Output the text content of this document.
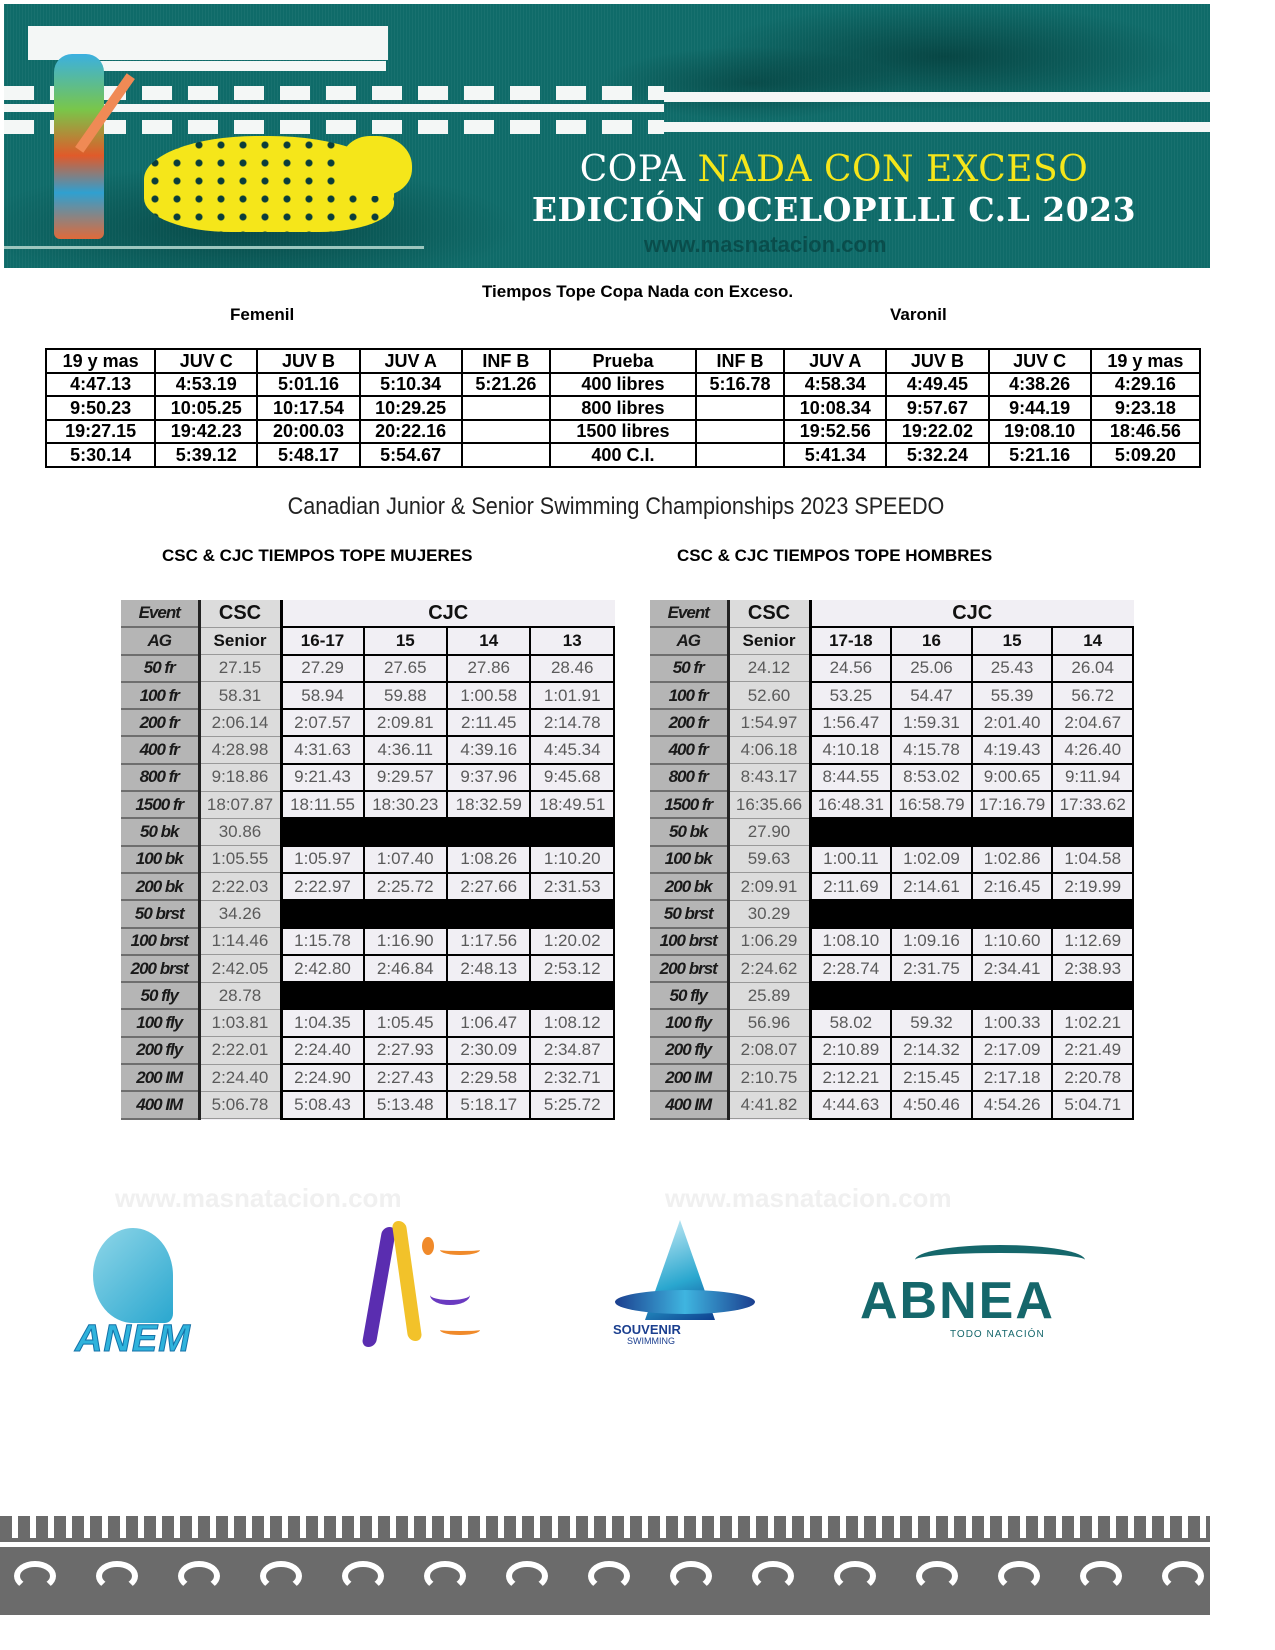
COPA NADA CON EXCESO
EDICIÓN OCELOPILLI C.L 2023
www.masnatacion.com
Tiempos Tope Copa Nada con Exceso.
Femenil	Varonil
19 y mas	JUV C	JUV B	JUV A	INF B	Prueba	INF B	JUV A	JUV B	JUV C	19 y mas
4:47.13	4:53.19	5:01.16	5:10.34	5:21.26	400 libres	5:16.78	4:58.34	4:49.45	4:38.26	4:29.16
9:50.23	10:05.25	10:17.54	10:29.25		800 libres		10:08.34	9:57.67	9:44.19	9:23.18
19:27.15	19:42.23	20:00.03	20:22.16		1500 libres		19:52.56	19:22.02	19:08.10	18:46.56
5:30.14	5:39.12	5:48.17	5:54.67		400 C.I.		5:41.34	5:32.24	5:21.16	5:09.20
Canadian Junior & Senior Swimming Championships 2023 SPEEDO
CSC & CJC TIEMPOS TOPE MUJERES	CSC & CJC TIEMPOS TOPE HOMBRES
Event	CSC	CJC			
AG	Senior	16-17	15	14	13
50 fr	27.15	27.29	27.65	27.86	28.46
100 fr	58.31	58.94	59.88	1:00.58	1:01.91
200 fr	2:06.14	2:07.57	2:09.81	2:11.45	2:14.78
400 fr	4:28.98	4:31.63	4:36.11	4:39.16	4:45.34
800 fr	9:18.86	9:21.43	9:29.57	9:37.96	9:45.68
1500 fr	18:07.87	18:11.55	18:30.23	18:32.59	18:49.51
50 bk	30.86				
100 bk	1:05.55	1:05.97	1:07.40	1:08.26	1:10.20
200 bk	2:22.03	2:22.97	2:25.72	2:27.66	2:31.53
50 brst	34.26				
100 brst	1:14.46	1:15.78	1:16.90	1:17.56	1:20.02
200 brst	2:42.05	2:42.80	2:46.84	2:48.13	2:53.12
50 fly	28.78				
100 fly	1:03.81	1:04.35	1:05.45	1:06.47	1:08.12
200 fly	2:22.01	2:24.40	2:27.93	2:30.09	2:34.87
200 IM	2:24.40	2:24.90	2:27.43	2:29.58	2:32.71
400 IM	5:06.78	5:08.43	5:13.48	5:18.17	5:25.72
Event	CSC	CJC			
AG	Senior	17-18	16	15	14
50 fr	24.12	24.56	25.06	25.43	26.04
100 fr	52.60	53.25	54.47	55.39	56.72
200 fr	1:54.97	1:56.47	1:59.31	2:01.40	2:04.67
400 fr	4:06.18	4:10.18	4:15.78	4:19.43	4:26.40
800 fr	8:43.17	8:44.55	8:53.02	9:00.65	9:11.94
1500 fr	16:35.66	16:48.31	16:58.79	17:16.79	17:33.62
50 bk	27.90				
100 bk	59.63	1:00.11	1:02.09	1:02.86	1:04.58
200 bk	2:09.91	2:11.69	2:14.61	2:16.45	2:19.99
50 brst	30.29				
100 brst	1:06.29	1:08.10	1:09.16	1:10.60	1:12.69
200 brst	2:24.62	2:28.74	2:31.75	2:34.41	2:38.93
50 fly	25.89				
100 fly	56.96	58.02	59.32	1:00.33	1:02.21
200 fly	2:08.07	2:10.89	2:14.32	2:17.09	2:21.49
200 IM	2:10.75	2:12.21	2:15.45	2:17.18	2:20.78
400 IM	4:41.82	4:44.63	4:50.46	4:54.26	5:04.71
www.masnatacion.com	www.masnatacion.com
ANEM	SOUVENIR
SWIMMING
ABNEA
TODO NATACIÓN
